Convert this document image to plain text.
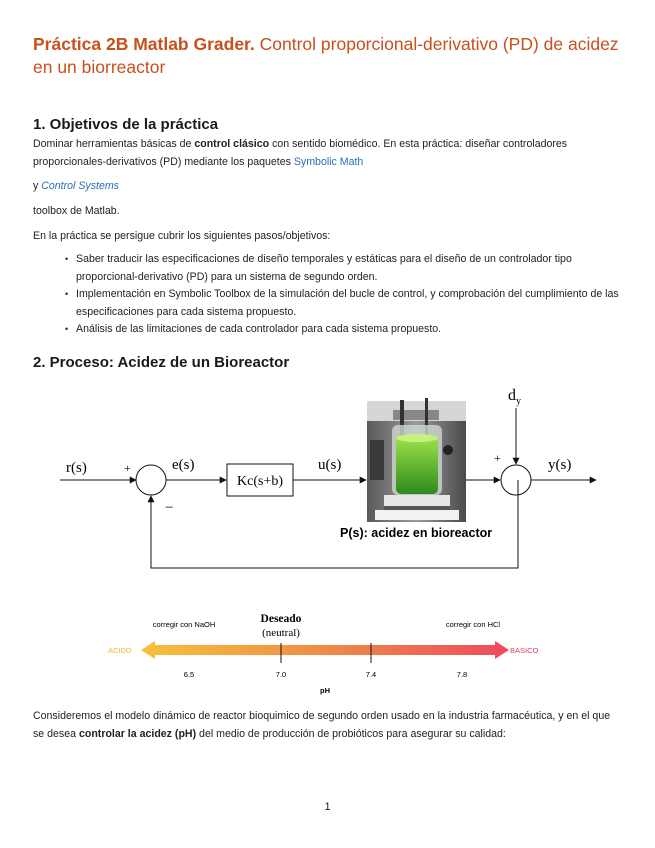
Práctica 2B Matlab Grader. Control proporcional-derivativo (PD) de acidez en un biorreactor
1. Objetivos de la práctica
Dominar herramientas básicas de control clásico con sentido biomédico. En esta práctica: diseñar controladores proporcionales-derivativos (PD) mediante los paquetes Symbolic Math
y Control Systems
toolbox de Matlab.
En la práctica se persigue cubrir los siguientes pasos/objetivos:
• Saber traducir las especificaciones de diseño temporales y estáticas para el diseño de un controlador tipo proporcional-derivativo (PD) para un sistema de segundo orden.
• Implementación en Symbolic Toolbox de la simulación del bucle de control, y comprobación del cumplimiento de las especificaciones para cada sistema propuesto.
• Análisis de las limitaciones de cada controlador para cada sistema propuesto.
2. Proceso: Acidez de un Bioreactor
r(s)	+
−
e(s)
Kc(s+b)
u(s)
P(s): acidez en bioreactor
+
$d_y$
y(s)
Deseado
(neutral)
corregir con NaOH	corregir con HCl
ACIDO	BASICO
6.5	7.0	7.4	7.8
pH
Consideremos el modelo dinámico de reactor bioquimico de segundo orden usado en la industria farmacéutica, y en el que se desea controlar la acidez (pH) del medio de producción de probióticos para asegurar su calidad:
1
